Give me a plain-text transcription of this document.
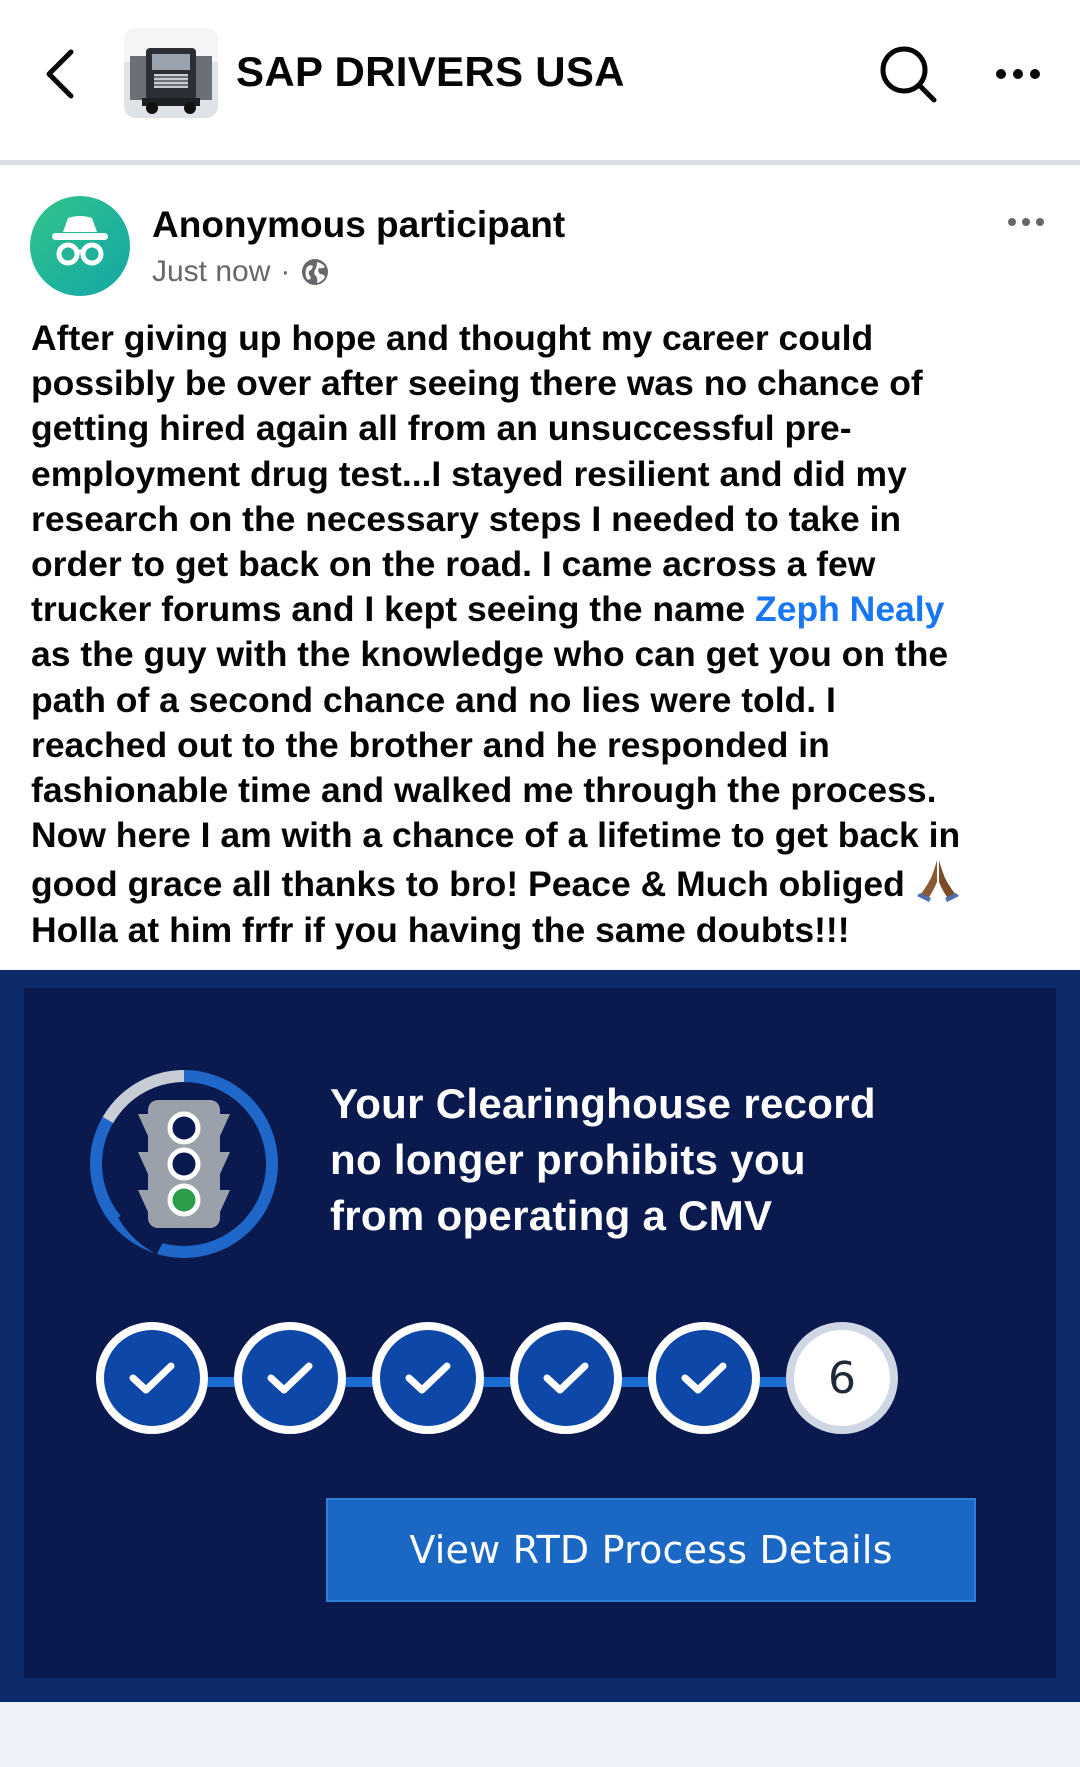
SAP DRIVERS USA
Anonymous participant
Just now ·
After giving up hope and thought my career could
possibly be over after seeing there was no chance of
getting hired again all from an unsuccessful pre-
employment drug test...I stayed resilient and did my
research on the necessary steps I needed to take in
order to get back on the road. I came across a few
trucker forums and I kept seeing the name Zeph Nealy
as the guy with the knowledge who can get you on the
path of a second chance and no lies were told. I
reached out to the brother and he responded in
fashionable time and walked me through the process.
Now here I am with a chance of a lifetime to get back in
good grace all thanks to bro! Peace & Much obliged
Holla at him frfr if you having the same doubts!!!
Your Clearinghouse record
no longer prohibits you
from operating a CMV
6
View RTD Process Details
